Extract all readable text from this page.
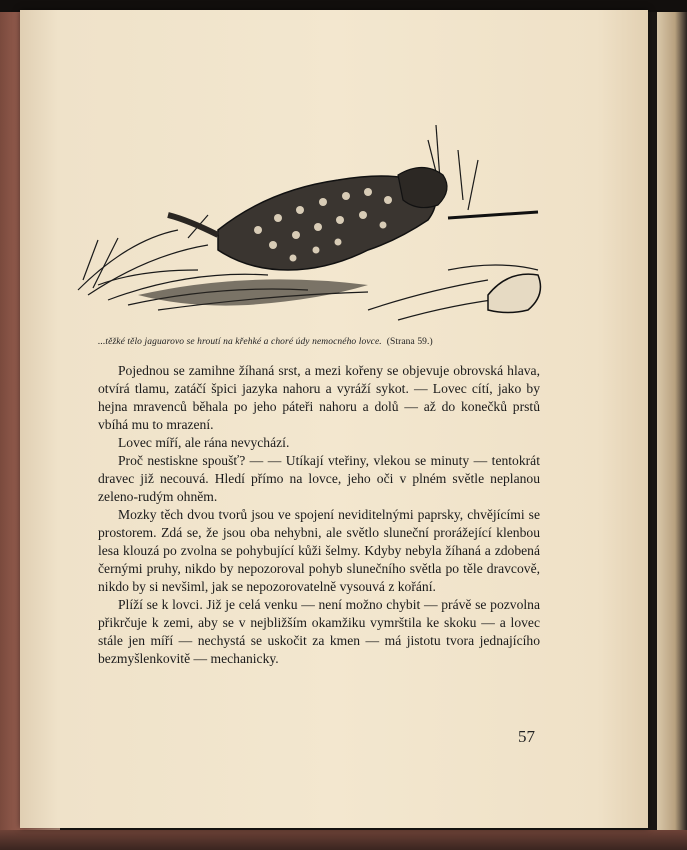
...těžké tělo jaguarovo se hroutí na křehké a choré údy nemocného lovce. (Strana 59.)

Pojednou se zamihne žíhaná srst, a mezi kořeny se objevuje obrovská hlava, otvírá tlamu, zatáčí špici jazyka nahoru a vyráží sykot. — Lovec cítí, jako by hejna mravenců běhala po jeho páteři nahoru a dolů — až do konečků prstů vbíhá mu to mrazení.

Lovec míří, ale rána nevychází.

Proč nestiskne spoušť? — — Utíkají vteřiny, vlekou se minuty — tentokrát dravec již necouvá. Hledí přímo na lovce, jeho oči v plném světle neplanou zeleno-rudým ohněm.

Mozky těch dvou tvorů jsou ve spojení neviditelnými paprsky, chvějícími se prostorem. Zdá se, že jsou oba nehybni, ale světlo sluneční prorážející klenbou lesa klouzá po zvolna se pohybující kůži šelmy. Kdyby nebyla žíhaná a zdobená černými pruhy, nikdo by nepozoroval pohyb slunečního světla po těle dravcově, nikdo by si nevšiml, jak se nepozorovatelně vysouvá z kořání.

Plíží se k lovci. Již je celá venku — není možno chybit — právě se pozvolna přikrčuje k zemi, aby se v nejbližším okamžiku vymrštila ke skoku — a lovec stále jen míří — nechystá se uskočit za kmen — má jistotu tvora jednajícího bezmyšlenkovitě — mechanicky.

57
